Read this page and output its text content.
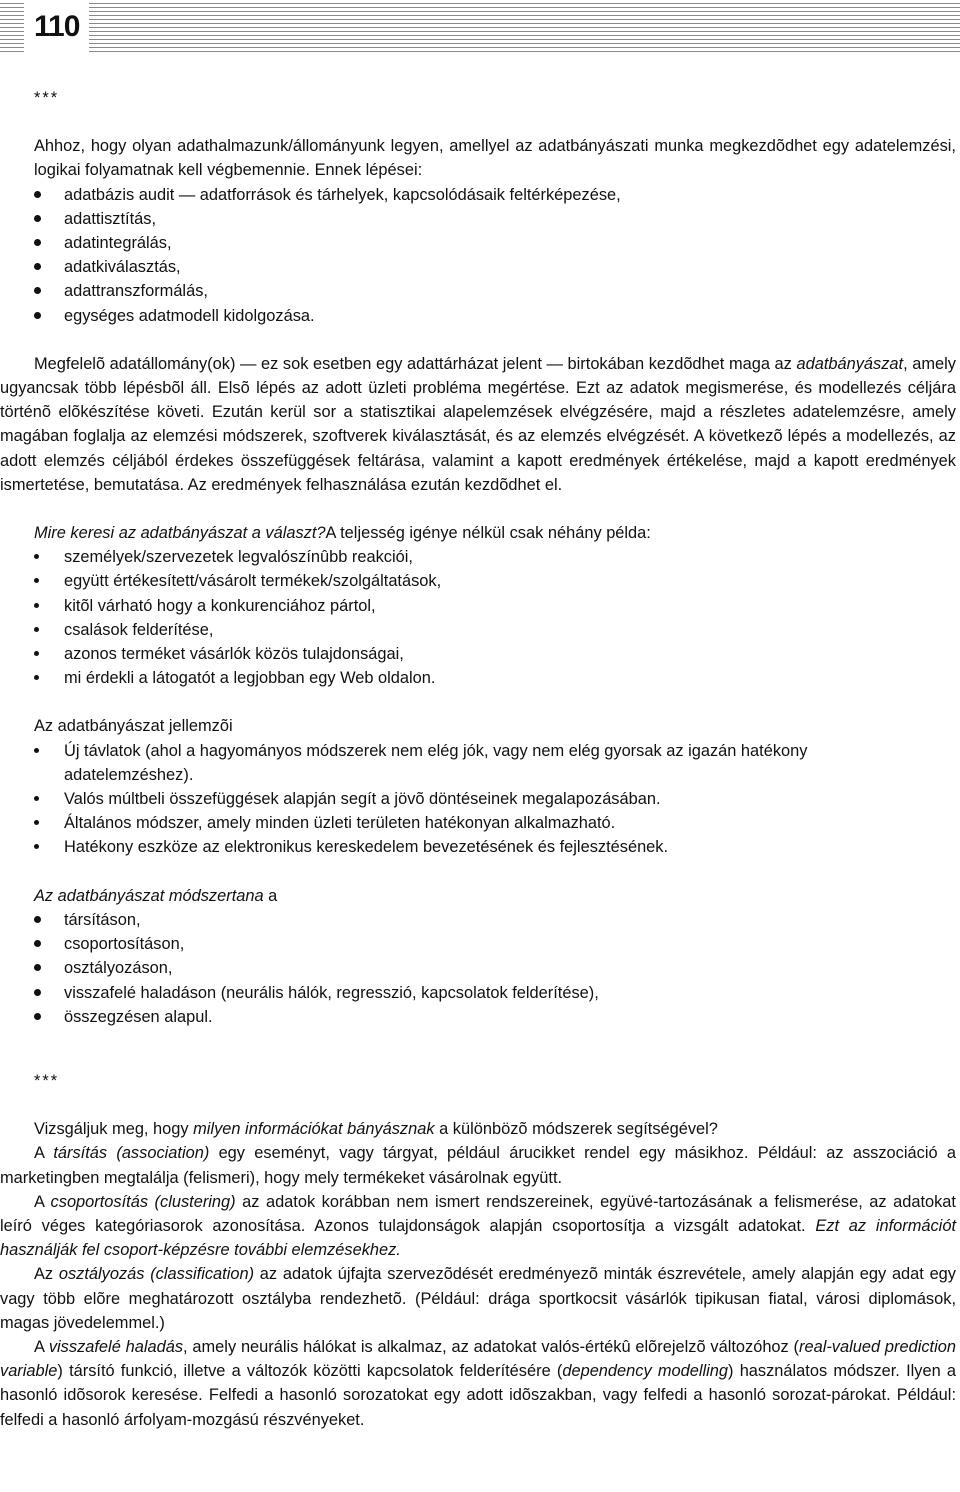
110
***

Ahhoz, hogy olyan adathalmazunk/állományunk legyen, amellyel az adatbányászati munka megkezdõdhet egy adatelemzési, logikai folyamatnak kell végbemennie. Ennek lépései:

adatbázis audit — adatforrások és tárhelyek, kapcsolódásaik feltérképezése,
adattisztítás,
adatintegrálás,
adatkiválasztás,
adattranszformálás,
egységes adatmodell kidolgozása.

Megfelelõ adatállomány(ok) — ez sok esetben egy adattárházat jelent — birtokában kezdõdhet maga az adatbányászat, amely ugyancsak több lépésbõl áll. Elsõ lépés az adott üzleti probléma megértése. Ezt az adatok megismerése, és modellezés céljára történõ elõkészítése követi. Ezután kerül sor a statisztikai alapelemzések elvégzésére, majd a részletes adatelemzésre, amely magában foglalja az elemzési módszerek, szoftverek kiválasztását, és az elemzés elvégzését. A következõ lépés a modellezés, az adott elemzés céljából érdekes összefüggések feltárása, valamint a kapott eredmények értékelése, majd a kapott eredmények ismertetése, bemutatása. Az eredmények felhasználása ezután kezdõdhet el.

Mire keresi az adatbányászat a választ?A teljesség igénye nélkül csak néhány példa:

személyek/szervezetek legvalószínûbb reakciói,
együtt értékesített/vásárolt termékek/szolgáltatások,
kitõl várható hogy a konkurenciához pártol,
csalások felderítése,
azonos terméket vásárlók közös tulajdonságai,
mi érdekli a látogatót a legjobban egy Web oldalon.

Az adatbányászat jellemzõi

Új távlatok (ahol a hagyományos módszerek nem elég jók, vagy nem elég gyorsak az igazán hatékony adatelemzéshez).
Valós múltbeli összefüggések alapján segít a jövõ döntéseinek megalapozásában.
Általános módszer, amely minden üzleti területen hatékonyan alkalmazható.
Hatékony eszköze az elektronikus kereskedelem bevezetésének és fejlesztésének.

Az adatbányászat módszertana a

társításon,
csoportosításon,
osztályozáson,
visszafelé haladáson (neurális hálók, regresszió, kapcsolatok felderítése),
összegzésen alapul.
***

Vizsgáljuk meg, hogy milyen információkat bányásznak a különbözõ módszerek segítségével?

A társítás (association) egy eseményt, vagy tárgyat, például árucikket rendel egy másikhoz. Például: az asszociáció a marketingben megtalálja (felismeri), hogy mely termékeket vásárolnak együtt.

A csoportosítás (clustering) az adatok korábban nem ismert rendszereinek, együvé-tartozásának a felismerése, az adatokat leíró véges kategóriasorok azonosítása. Azonos tulajdonságok alapján csoportosítja a vizsgált adatokat. Ezt az információt használják fel csoport-képzésre további elemzésekhez.

Az osztályozás (classification) az adatok újfajta szervezõdését eredményezõ minták észrevétele, amely alapján egy adat egy vagy több elõre meghatározott osztályba rendezhetõ. (Például: drága sportkocsit vásárlók tipikusan fiatal, városi diplomások, magas jövedelemmel.)

A visszafelé haladás, amely neurális hálókat is alkalmaz, az adatokat valós-értékû elõrejelzõ változóhoz (real-valued prediction variable) társító funkció, illetve a változók közötti kapcsolatok felderítésére (dependency modelling) használatos módszer. Ilyen a hasonló idõsorok keresése. Felfedi a hasonló sorozatokat egy adott idõszakban, vagy felfedi a hasonló sorozat-párokat. Például: felfedi a hasonló árfolyam-mozgású részvényeket.
